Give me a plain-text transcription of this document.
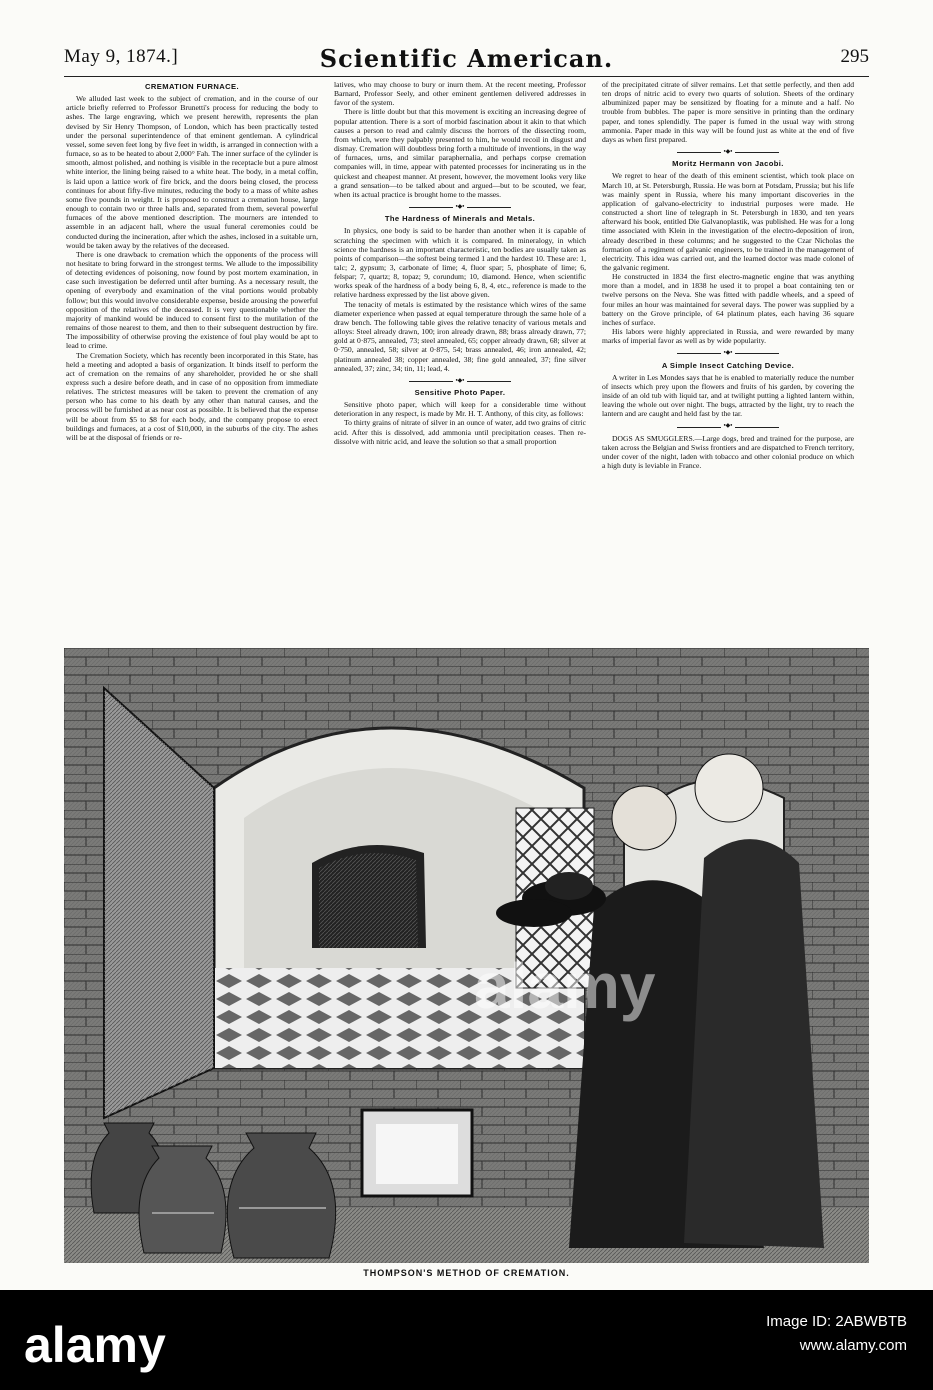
May 9, 1874.]	Scientific American.	295
CREMATION FURNACE.

We alluded last week to the subject of cremation, and in the course of our article briefly referred to Professor Brunetti's process for reducing the body to ashes. The large engraving, which we present herewith, represents the plan devised by Sir Henry Thompson, of London, which has been practically tested under the personal superintendence of that eminent gentleman. A cylindrical vessel, some seven feet long by five feet in width, is arranged in connection with a furnace, so as to be heated to about 2,000° Fah. The inner surface of the cylinder is smooth, almost polished, and nothing is visible in the receptacle but a pure almost white interior, the lining being raised to a white heat. The body, in a metal coffin, is laid upon a lattice work of fire brick, and the doors being closed, the process continues for about fifty-five minutes, reducing the body to a mass of white ashes some five pounds in weight. It is proposed to construct a cremation house, large enough to contain two or three halls and, separated from them, several powerful furnaces of the above mentioned description. The mourners are intended to assemble in an adjacent hall, where the usual funeral ceremonies could be conducted during the incineration, after which the ashes, inclosed in a suitable urn, would be taken away by the relatives of the deceased.

There is one drawback to cremation which the opponents of the process will not hesitate to bring forward in the strongest terms. We allude to the impossibility of detecting evidences of poisoning, now found by post mortem examination, in case such investigation be deferred until after burning. As a necessary result, the opening of everybody and examination of the vital portions would probably follow; but this would involve considerable expense, beside arousing the powerful opposition of the relatives of the deceased. It is very questionable whether the majority of mankind would be induced to consent first to the mutilation of the remains of those nearest to them, and then to their subsequent destruction by fire. The impossibility of otherwise proving the existence of foul play would be apt to lead to crime.

The Cremation Society, which has recently been incorporated in this State, has held a meeting and adopted a basis of organization. It binds itself to perform the act of cremation on the remains of any shareholder, provided he or she shall express such a desire before death, and in case of no opposition from immediate relatives. The strictest measures will be taken to prevent the cremation of any person who has come to his death by any other than natural causes, and the process will be furnished at as near cost as possible. It is believed that the expense will be about from $5 to $8 for each body, and the company propose to erect buildings and furnaces, at a cost of $10,000, in the suburbs of the city. The ashes will be at the disposal of friends or re-

latives, who may choose to bury or inurn them. At the recent meeting, Professor Barnard, Professor Seely, and other eminent gentlemen delivered addresses in favor of the system.

There is little doubt but that this movement is exciting an increasing degree of popular attention. There is a sort of morbid fascination about it akin to that which causes a person to read and calmly discuss the horrors of the dissecting room, from which, were they palpably presented to him, he would recoil in disgust and dismay. Cremation will doubtless bring forth a multitude of inventions, in the way of furnaces, urns, and similar paraphernalia, and perhaps corpse cremation companies will, in time, appear with patented processes for incinerating us in the quickest and cheapest manner. At present, however, the movement looks very like a grand sensation—to be talked about and argued—but to be scouted, we fear, when its actual practice is brought home to the masses.

•◆•
The Hardness of Minerals and Metals.

In physics, one body is said to be harder than another when it is capable of scratching the specimen with which it is compared. In mineralogy, in which science the hardness is an important characteristic, ten bodies are usually taken as points of comparison—the softest being termed 1 and the hardest 10. These are: 1, talc; 2, gypsum; 3, carbonate of lime; 4, fluor spar; 5, phosphate of lime; 6, felspar; 7, quartz; 8, topaz; 9, corundum; 10, diamond. Hence, when scientific works speak of the hardness of a body being 6, 8, 4, etc., reference is made to the relative hardness expressed by the list above given.

The tenacity of metals is estimated by the resistance which wires of the same diameter experience when passed at equal temperature through the same hole of a draw bench. The following table gives the relative tenacity of various metals and alloys: Steel already drawn, 100; iron already drawn, 88; brass already drawn, 77; gold at 0·875, annealed, 73; steel annealed, 65; copper already drawn, 68; silver at 0·750, annealed, 58; silver at 0·875, 54; brass annealed, 46; iron annealed, 42; platinum annealed 38; copper annealed, 38; fine gold annealed, 37; fine silver annealed, 37; zinc, 34; tin, 11; lead, 4.

•◆•
Sensitive Photo Paper.

Sensitive photo paper, which will keep for a considerable time without deterioration in any respect, is made by Mr. H. T. Anthony, of this city, as follows:

To thirty grains of nitrate of silver in an ounce of water, add two grains of citric acid. After this is dissolved, add ammonia until precipitation ceases. Then re-dissolve with nitric acid, and leave the solution so that a small proportion

of the precipitated citrate of silver remains. Let that settle perfectly, and then add ten drops of nitric acid to every two quarts of solution. Sheets of the ordinary albuminized paper may be sensitized by floating for a minute and a half. No trouble from bubbles. The paper is more sensitive in printing than the ordinary paper, and tones splendidly. The paper is fumed in the usual way with strong ammonia. Paper made in this way will be found just as white at the end of five days as when first prepared.

•◆•
Moritz Hermann von Jacobi.

We regret to hear of the death of this eminent scientist, which took place on March 10, at St. Petersburgh, Russia. He was born at Potsdam, Prussia; but his life was mainly spent in Russia, where his many important discoveries in the application of galvano-electricity to industrial purposes were made. He constructed a short line of telegraph in St. Petersburgh in 1830, and ten years afterward his book, entitled Die Galvanoplastik, was published. He was for a long time associated with Klein in the investigation of the electro-deposition of iron, already described in these columns; and he suggested to the Czar Nicholas the formation of a regiment of galvanic engineers, to be trained in the management of electricity. This idea was carried out, and the learned doctor was made colonel of the galvanic regiment.

He constructed in 1834 the first electro-magnetic engine that was anything more than a model, and in 1838 he used it to propel a boat containing ten or twelve persons on the Neva. She was fitted with paddle wheels, and a speed of four miles an hour was maintained for several days. The power was supplied by a battery on the Grove principle, of 64 platinum plates, each having 36 square inches of surface.

His labors were highly appreciated in Russia, and were rewarded by many marks of imperial favor as well as by wide popularity.

•◆•
A Simple Insect Catching Device.

A writer in Les Mondes says that he is enabled to materially reduce the number of insects which prey upon the flowers and fruits of his garden, by covering the inside of an old tub with liquid tar, and at twilight putting a lighted lantern within, leaving the whole out over night. The bugs, attracted by the light, try to reach the lantern and are caught and held fast by the tar.

•◆•

DOGS AS SMUGGLERS.—Large dogs, bred and trained for the purpose, are taken across the Belgian and Swiss frontiers and are dispatched to French territory, under cover of the night, laden with tobacco and other colonial produce on which a high duty is leviable in France.

alamy
THOMPSON'S METHOD OF CREMATION.
alamy	Image ID: 2ABWBTB
www.alamy.com
